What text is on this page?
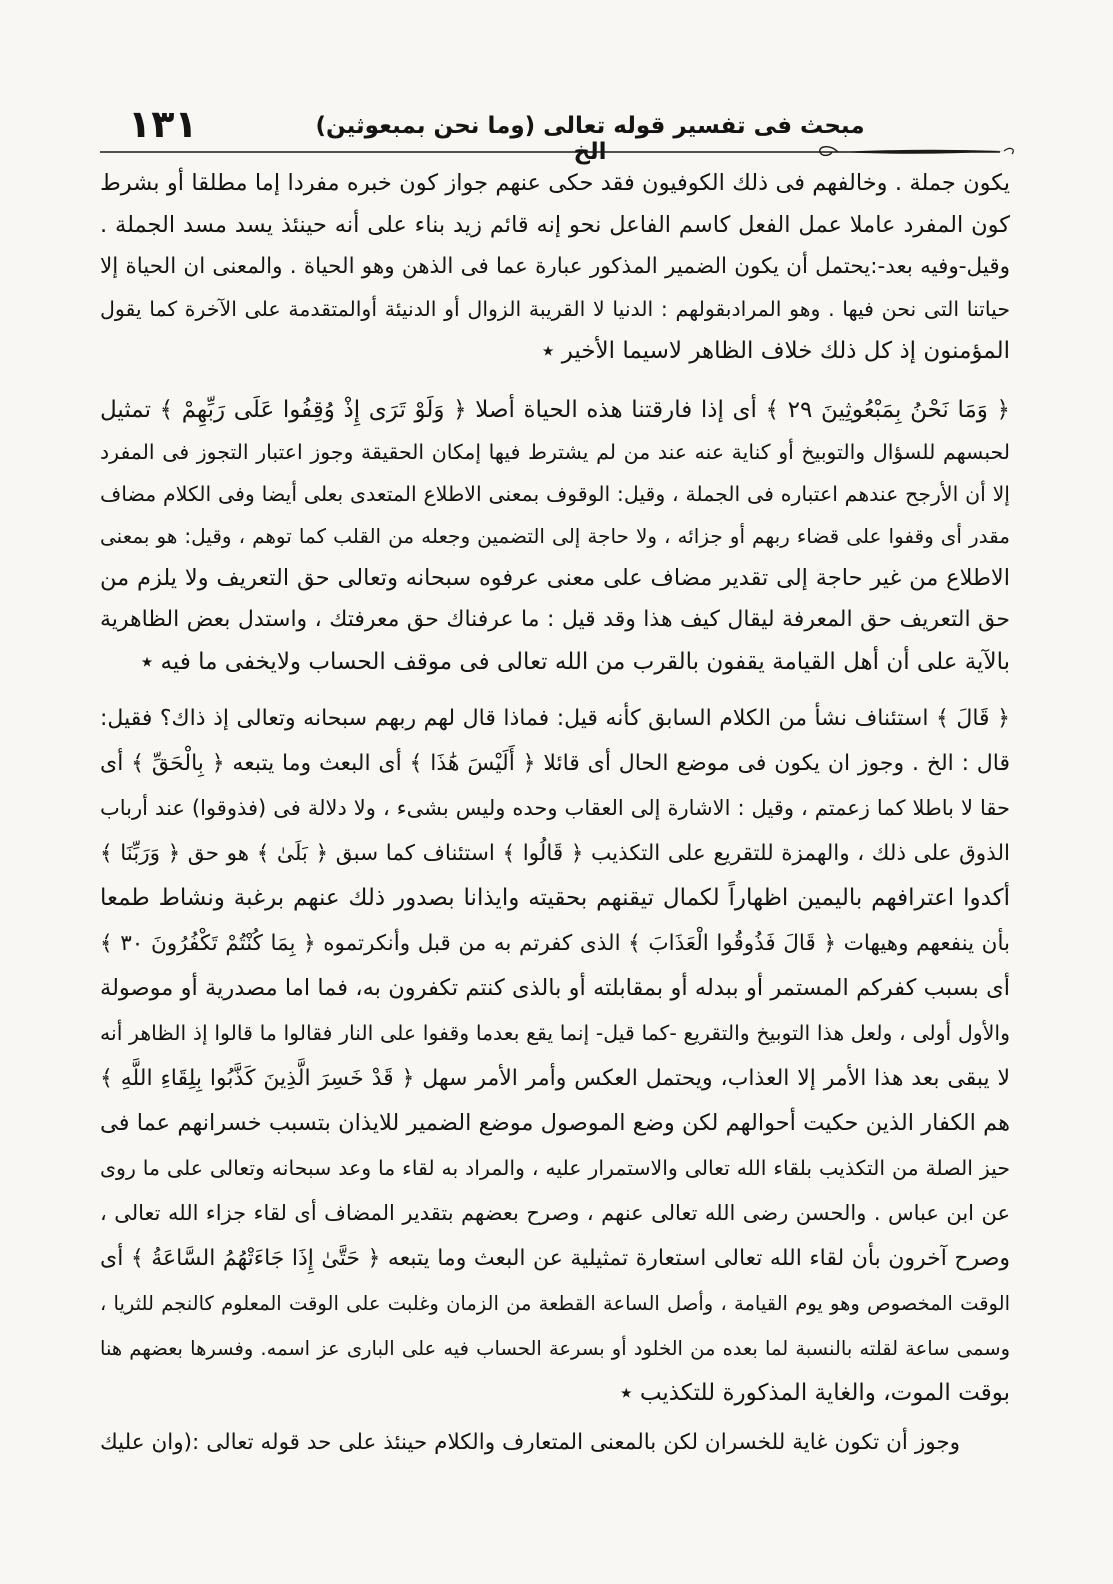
١٣١	مبحث فى تفسير قوله تعالى (وما نحن بمبعوثين) الخ
يكون جملة . وخالفهم فى ذلك الكوفيون فقد حكى عنهم جواز كون خبره مفردا إما مطلقا أو بشرط
كون المفرد عاملا عمل الفعل كاسم الفاعل نحو إنه قائم زيد بناء على أنه حينئذ يسد مسد الجملة .
وقيل-وفيه بعد-:يحتمل أن يكون الضمير المذكور عبارة عما فى الذهن وهو الحياة . والمعنى ان الحياة إلا
حياتنا التى نحن فيها . وهو المرادبقولهم : الدنيا لا القريبة الزوال أو الدنيئة أوالمتقدمة على الآخرة كما يقول
المؤمنون إذ كل ذلك خلاف الظاهر لاسيما الأخير ٭
﴿ وَمَا نَحْنُ بِمَبْعُوثِينَ ٢٩ ﴾ أى إذا فارقتنا هذه الحياة أصلا ﴿ وَلَوْ تَرَى إِذْ وُقِفُوا عَلَى رَبِّهِمْ ﴾ تمثيل
لحبسهم للسؤال والتوبيخ أو كناية عنه عند من لم يشترط فيها إمكان الحقيقة وجوز اعتبار التجوز فى المفرد
إلا أن الأرجح عندهم اعتباره فى الجملة ، وقيل: الوقوف بمعنى الاطلاع المتعدى بعلى أيضا وفى الكلام مضاف
مقدر أى وقفوا على قضاء ربهم أو جزائه ، ولا حاجة إلى التضمين وجعله من القلب كما توهم ، وقيل: هو بمعنى
الاطلاع من غير حاجة إلى تقدير مضاف على معنى عرفوه سبحانه وتعالى حق التعريف ولا يلزم من
حق التعريف حق المعرفة ليقال كيف هذا وقد قيل : ما عرفناك حق معرفتك ، واستدل بعض الظاهرية
بالآية على أن أهل القيامة يقفون بالقرب من الله تعالى فى موقف الحساب ولايخفى ما فيه ٭
﴿ قَالَ ﴾ استئناف نشأ من الكلام السابق كأنه قيل: فماذا قال لهم ربهم سبحانه وتعالى إذ ذاك؟ فقيل:
قال : الخ . وجوز ان يكون فى موضع الحال أى قائلا ﴿ أَلَيْسَ هَٰذَا ﴾ أى البعث وما يتبعه ﴿ بِالْحَقِّ ﴾ أى
حقا لا باطلا كما زعمتم ، وقيل : الاشارة إلى العقاب وحده وليس بشىء ، ولا دلالة فى (فذوقوا) عند أرباب
الذوق على ذلك ، والهمزة للتقريع على التكذيب ﴿ قَالُوا ﴾ استئناف كما سبق ﴿ بَلَىٰ ﴾ هو حق ﴿ وَرَبِّنَا ﴾
أكدوا اعترافهم باليمين اظهاراً لكمال تيقنهم بحقيته وايذانا بصدور ذلك عنهم برغبة ونشاط طمعا
بأن ينفعهم وهيهات ﴿ قَالَ فَذُوقُوا الْعَذَابَ ﴾ الذى كفرتم به من قبل وأنكرتموه ﴿ بِمَا كُنْتُمْ تَكْفُرُونَ ٣٠ ﴾
أى بسبب كفركم المستمر أو ببدله أو بمقابلته أو بالذى كنتم تكفرون به، فما اما مصدرية أو موصولة
والأول أولى ، ولعل هذا التوبيخ والتقريع -كما قيل- إنما يقع بعدما وقفوا على النار فقالوا ما قالوا إذ الظاهر أنه
لا يبقى بعد هذا الأمر إلا العذاب، ويحتمل العكس وأمر الأمر سهل ﴿ قَدْ خَسِرَ الَّذِينَ كَذَّبُوا بِلِقَاءِ اللَّهِ ﴾
هم الكفار الذين حكيت أحوالهم لكن وضع الموصول موضع الضمير للايذان بتسبب خسرانهم عما فى
حيز الصلة من التكذيب بلقاء الله تعالى والاستمرار عليه ، والمراد به لقاء ما وعد سبحانه وتعالى على ما روى
عن ابن عباس . والحسن رضى الله تعالى عنهم ، وصرح بعضهم بتقدير المضاف أى لقاء جزاء الله تعالى ،
وصرح آخرون بأن لقاء الله تعالى استعارة تمثيلية عن البعث وما يتبعه ﴿ حَتَّىٰ إِذَا جَاءَتْهُمُ السَّاعَةُ ﴾ أى
الوقت المخصوص وهو يوم القيامة ، وأصل الساعة القطعة من الزمان وغلبت على الوقت المعلوم كالنجم للثريا ،
وسمى ساعة لقلته بالنسبة لما بعده من الخلود أو بسرعة الحساب فيه على البارى عز اسمه. وفسرها بعضهم هنا
بوقت الموت، والغاية المذكورة للتكذيب ٭
وجوز أن تكون غاية للخسران لكن بالمعنى المتعارف والكلام حينئذ على حد قوله تعالى :(وان عليك
